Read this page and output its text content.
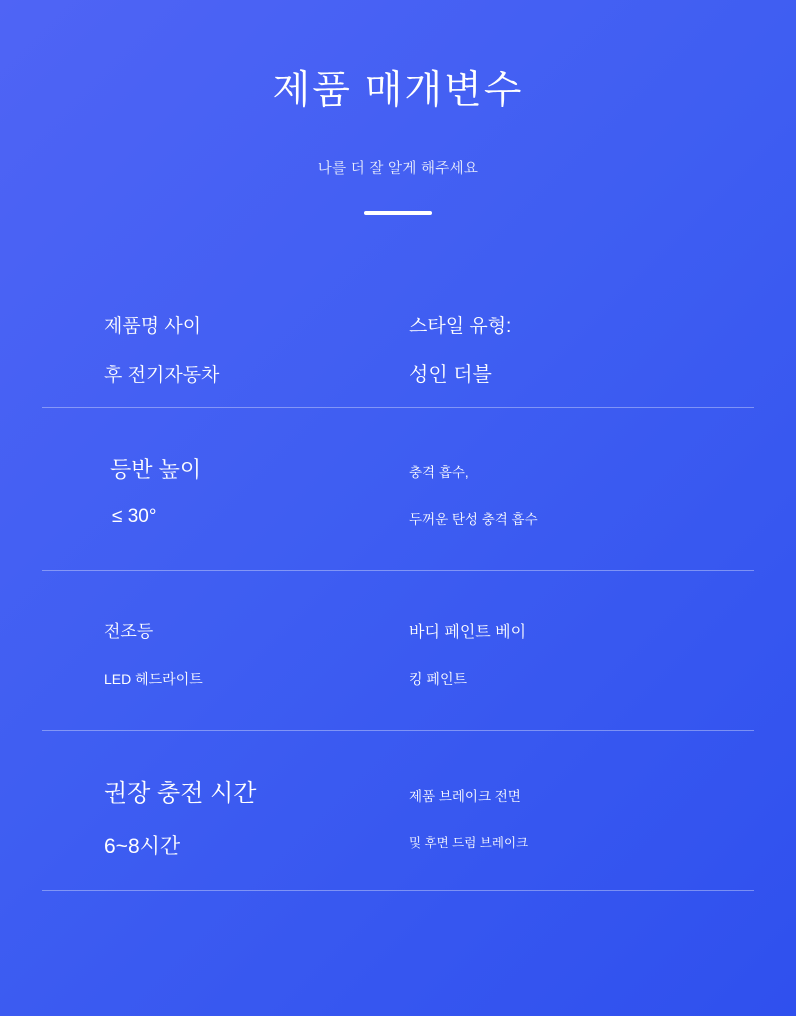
제품 매개변수
나를 더 잘 알게 해주세요
제품명 사이
후 전기자동차
스타일 유형:
성인 더블
등반 높이
≤ 30°
충격 흡수,
두꺼운 탄성 충격 흡수
전조등
LED 헤드라이트
바디 페인트 베이
킹 페인트
권장 충전 시간
6~8시간
제품 브레이크 전면
및 후면 드럼 브레이크
